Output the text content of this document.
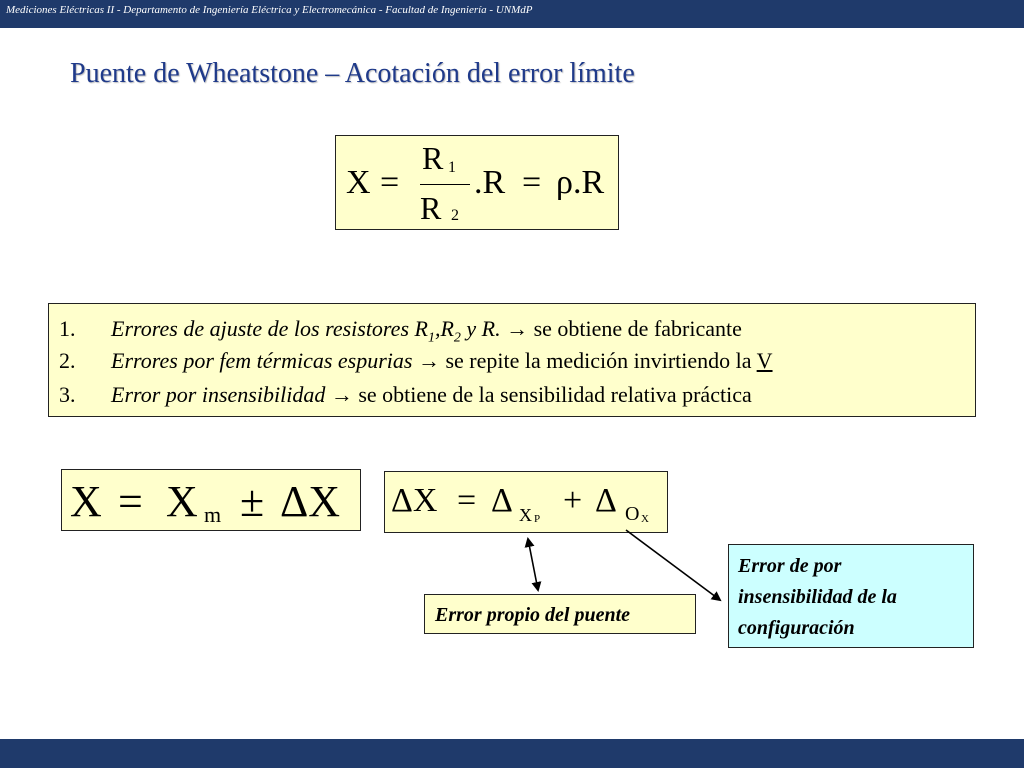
Mediciones Eléctricas II - Departamento de Ingeniería Eléctrica y Electromecánica - Facultad de Ingeniería - UNMdP
Puente de Wheatstone – Acotación del error límite
X =
R 1
R 2
.R = ρ.R
1. Errores de ajuste de los resistores $R_1,R_2$ y R. → se obtiene de fabricante
2. Errores por fem térmicas espurias → se repite la medición invirtiendo la V
3. Error por insensibilidad → se obtiene de la sensibilidad relativa práctica
X = X m ± ΔX ΔX = Δ X P + Δ O X
Error propio del puente
Error de por
insensibilidad de la
configuración
